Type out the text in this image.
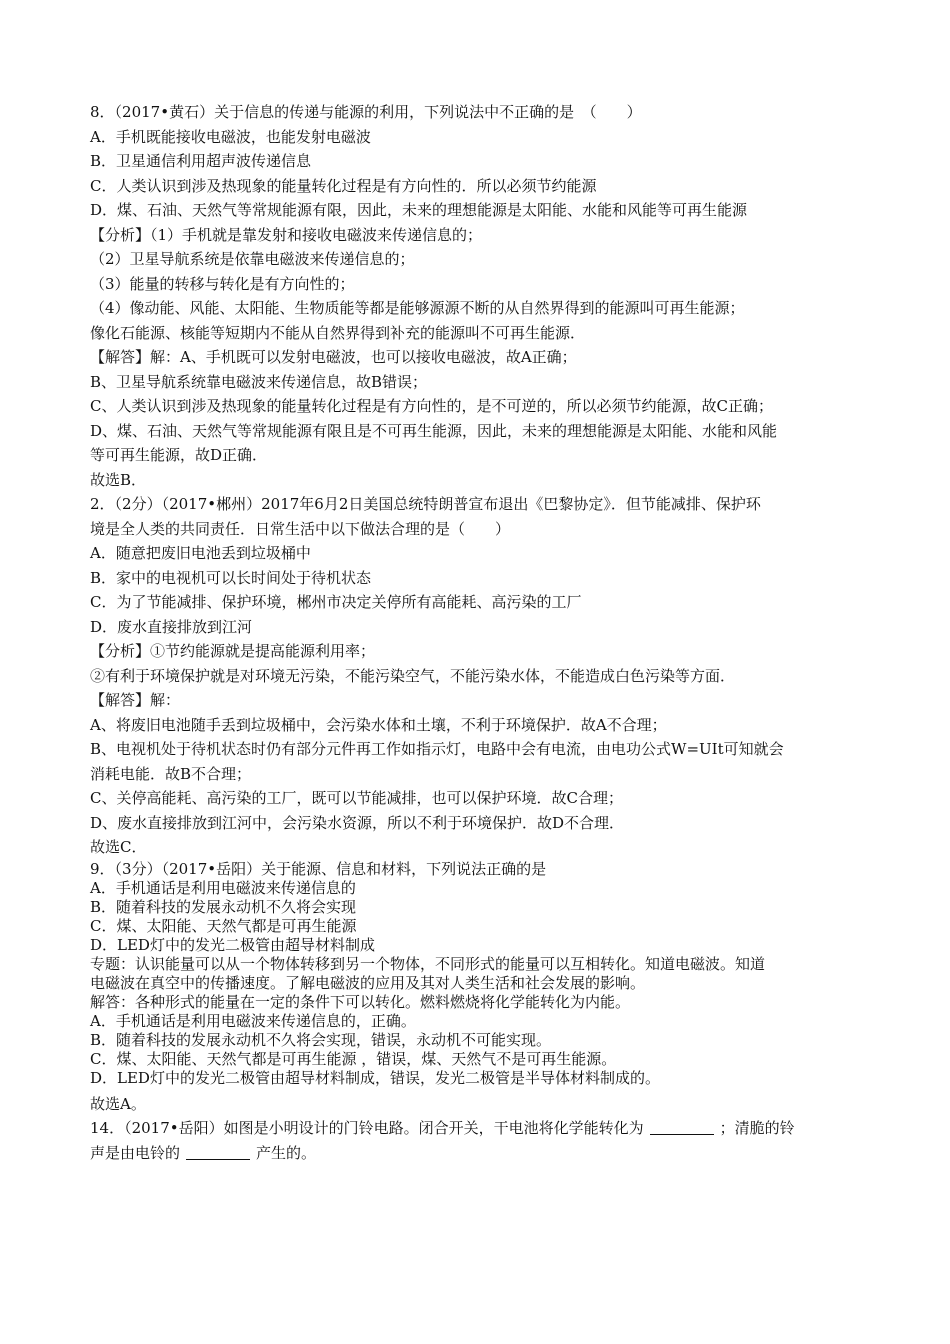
8．（2017•黄石）关于信息的传递与能源的利用，下列说法中不正确的是　（　　）
A．手机既能接收电磁波，也能发射电磁波
B．卫星通信利用超声波传递信息
C．人类认识到涉及热现象的能量转化过程是有方向性的．所以必须节约能源
D．煤、石油、天然气等常规能源有限，因此，未来的理想能源是太阳能、水能和风能等可再生能源
【分析】（1）手机就是靠发射和接收电磁波来传递信息的；
（2）卫星导航系统是依靠电磁波来传递信息的；
（3）能量的转移与转化是有方向性的；
（4）像动能、风能、太阳能、生物质能等都是能够源源不断的从自然界得到的能源叫可再生能源；
像化石能源、核能等短期内不能从自然界得到补充的能源叫不可再生能源．
【解答】解：A、手机既可以发射电磁波，也可以接收电磁波，故A正确；
B、卫星导航系统靠电磁波来传递信息，故B错误；
C、人类认识到涉及热现象的能量转化过程是有方向性的，是不可逆的，所以必须节约能源，故C正确；
D、煤、石油、天然气等常规能源有限且是不可再生能源，因此，未来的理想能源是太阳能、水能和风能
等可再生能源，故D正确．
故选B．
2．（2分）（2017•郴州）2017年6月2日美国总统特朗普宣布退出《巴黎协定》．但节能减排、保护环
境是全人类的共同责任．日常生活中以下做法合理的是（　　）
A．随意把废旧电池丢到垃圾桶中
B．家中的电视机可以长时间处于待机状态
C．为了节能减排、保护环境，郴州市决定关停所有高能耗、高污染的工厂
D．废水直接排放到江河
【分析】①节约能源就是提高能源利用率；
②有利于环境保护就是对环境无污染，不能污染空气，不能污染水体，不能造成白色污染等方面．
【解答】解：
A、将废旧电池随手丢到垃圾桶中，会污染水体和土壤，不利于环境保护．故A不合理；
B、电视机处于待机状态时仍有部分元件再工作如指示灯，电路中会有电流，由电功公式W=UIt可知就会
消耗电能．故B不合理；
C、关停高能耗、高污染的工厂，既可以节能减排，也可以保护环境．故C合理；
D、废水直接排放到江河中，会污染水资源，所以不利于环境保护．故D不合理．
故选C．
9．（3分）（2017•岳阳）关于能源、信息和材料，下列说法正确的是
A．手机通话是利用电磁波来传递信息的
B．随着科技的发展永动机不久将会实现
C．煤、太阳能、天然气都是可再生能源
D．LED灯中的发光二极管由超导材料制成
专题：认识能量可以从一个物体转移到另一个物体，不同形式的能量可以互相转化。知道电磁波。知道
电磁波在真空中的传播速度。了解电磁波的应用及其对人类生活和社会发展的影响。
解答：各种形式的能量在一定的条件下可以转化。燃料燃烧将化学能转化为内能。
A．手机通话是利用电磁波来传递信息的，正确。
B．随着科技的发展永动机不久将会实现，错误，永动机不可能实现。
C．煤、太阳能、天然气都是可再生能源 ，错误，煤、天然气不是可再生能源。
D．LED灯中的发光二极管由超导材料制成，错误，发光二极管是半导体材料制成的。
故选A。
14．（2017•岳阳）如图是小明设计的门铃电路。闭合开关，干电池将化学能转化为	；清脆的铃
声是由电铃的	产生的。
